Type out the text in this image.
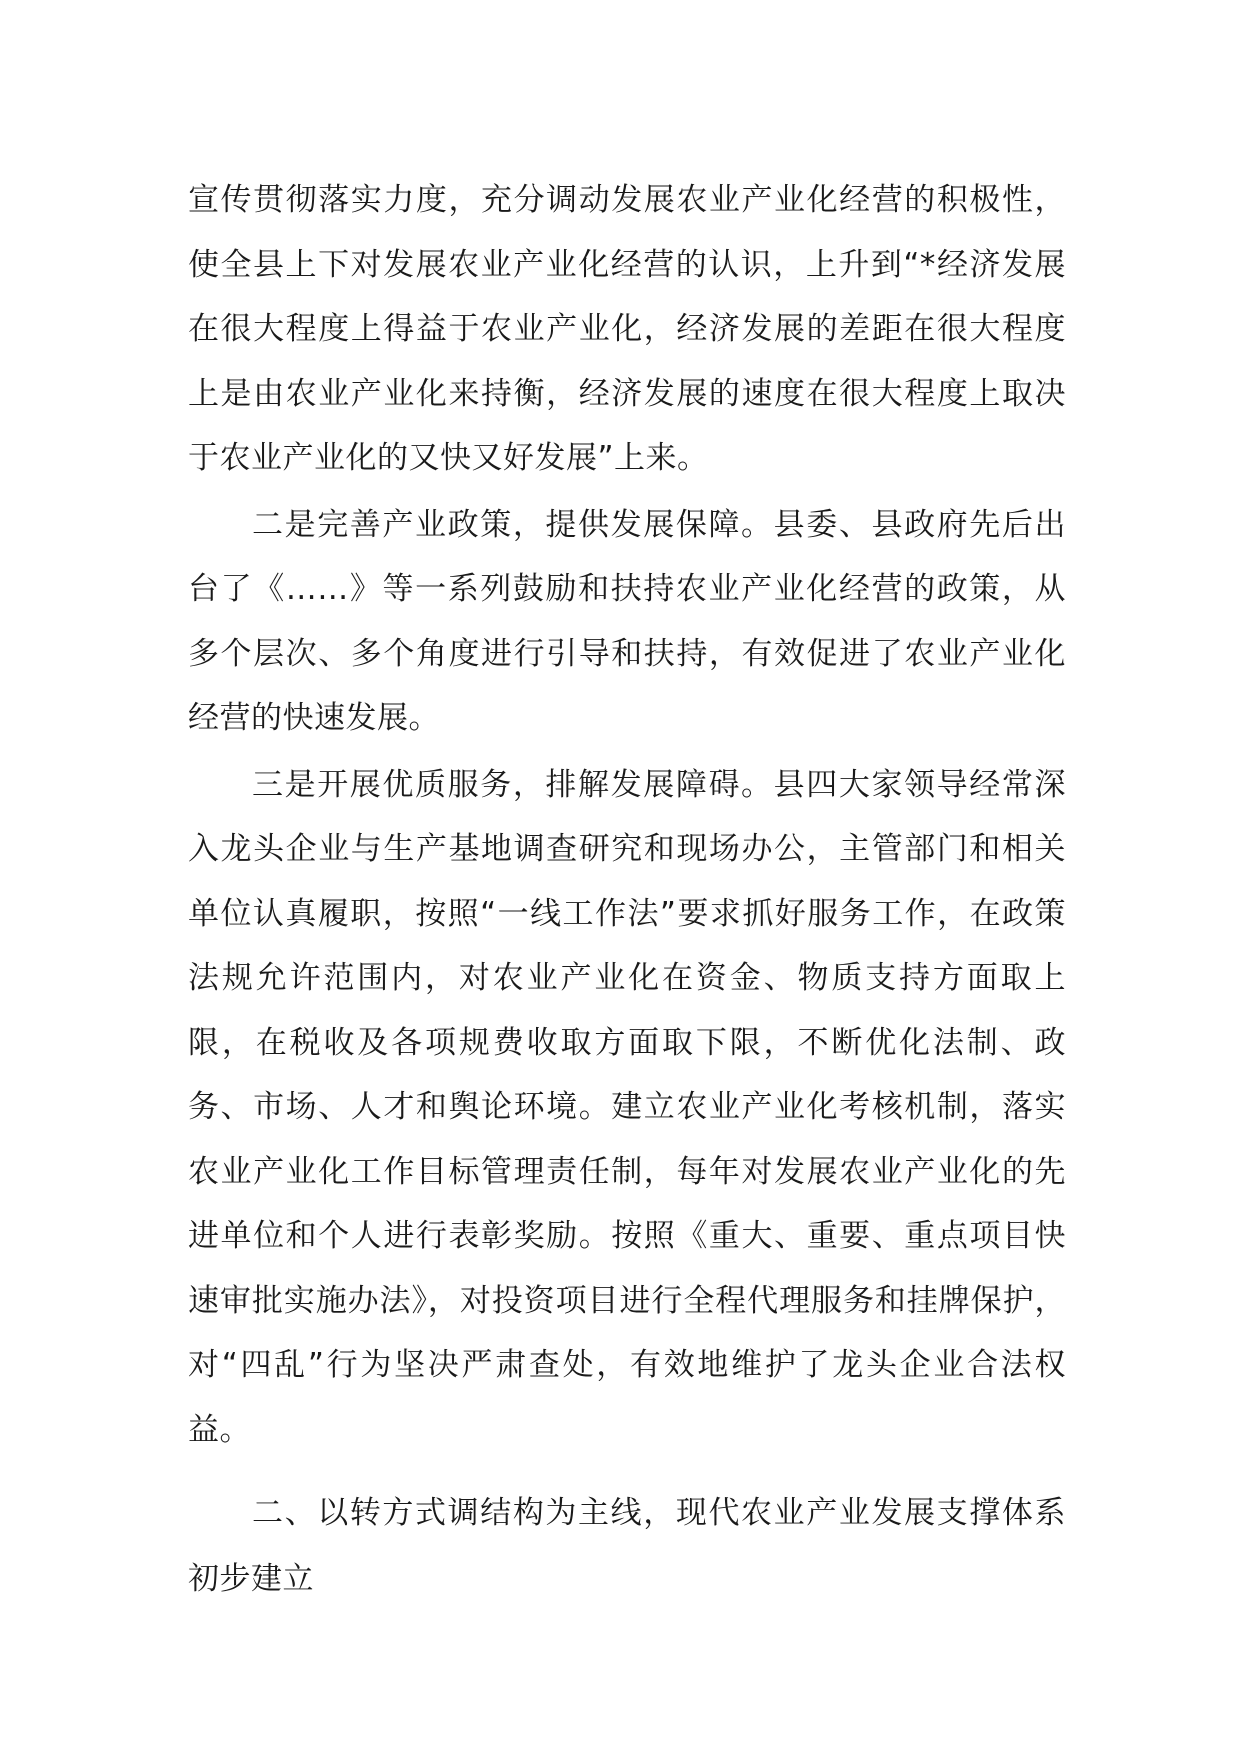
宣传贯彻落实力度，充分调动发展农业产业化经营的积极性，使全县上下对发展农业产业化经营的认识，上升到“*经济发展在很大程度上得益于农业产业化，经济发展的差距在很大程度上是由农业产业化来持衡，经济发展的速度在很大程度上取决于农业产业化的又快又好发展”上来。

二是完善产业政策，提供发展保障。县委、县政府先后出台了《……》等一系列鼓励和扶持农业产业化经营的政策，从多个层次、多个角度进行引导和扶持，有效促进了农业产业化经营的快速发展。

三是开展优质服务，排解发展障碍。县四大家领导经常深入龙头企业与生产基地调查研究和现场办公，主管部门和相关单位认真履职，按照“一线工作法”要求抓好服务工作，在政策法规允许范围内，对农业产业化在资金、物质支持方面取上限，在税收及各项规费收取方面取下限，不断优化法制、政务、市场、人才和舆论环境。建立农业产业化考核机制，落实农业产业化工作目标管理责任制，每年对发展农业产业化的先进单位和个人进行表彰奖励。按照《重大、重要、重点项目快速审批实施办法》，对投资项目进行全程代理服务和挂牌保护，对“四乱”行为坚决严肃查处，有效地维护了龙头企业合法权益。

二、以转方式调结构为主线，现代农业产业发展支撑体系初步建立
